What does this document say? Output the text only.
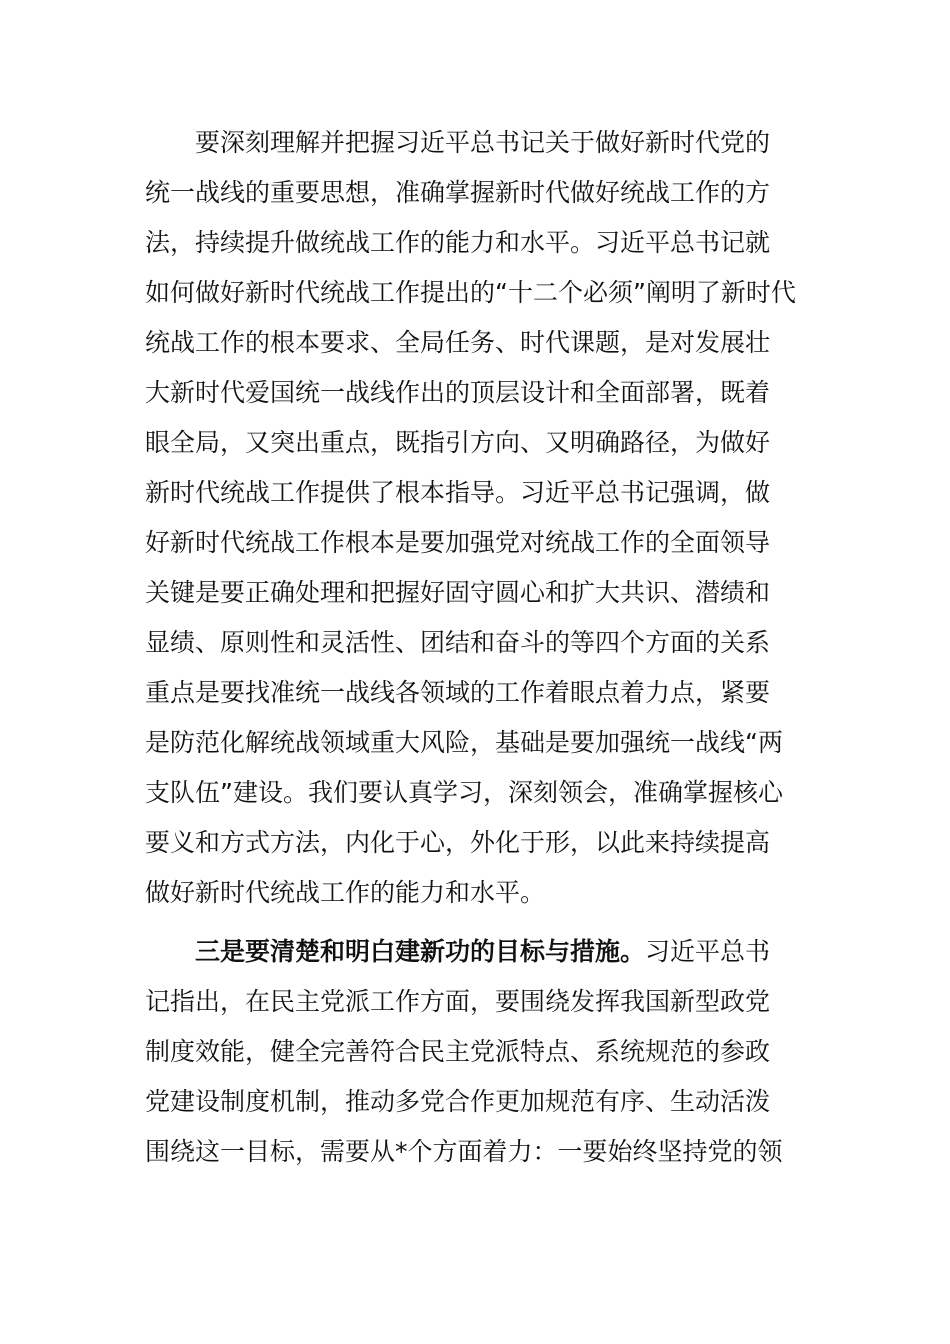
要深刻理解并把握习近平总书记关于做好新时代党的
统一战线的重要思想，准确掌握新时代做好统战工作的方
法，持续提升做统战工作的能力和水平。习近平总书记就
如何做好新时代统战工作提出的“十二个必须”阐明了新时代
统战工作的根本要求、全局任务、时代课题，是对发展壮
大新时代爱国统一战线作出的顶层设计和全面部署，既着
眼全局，又突出重点，既指引方向、又明确路径，为做好
新时代统战工作提供了根本指导。习近平总书记强调，做
好新时代统战工作根本是要加强党对统战工作的全面领导
关键是要正确处理和把握好固守圆心和扩大共识、潜绩和
显绩、原则性和灵活性、团结和奋斗的等四个方面的关系
重点是要找准统一战线各领域的工作着眼点着力点，紧要
是防范化解统战领域重大风险，基础是要加强统一战线“两
支队伍”建设。我们要认真学习，深刻领会，准确掌握核心
要义和方式方法，内化于心，外化于形，以此来持续提高
做好新时代统战工作的能力和水平。
三是要清楚和明白建新功的目标与措施。习近平总书
记指出，在民主党派工作方面，要围绕发挥我国新型政党
制度效能，健全完善符合民主党派特点、系统规范的参政
党建设制度机制，推动多党合作更加规范有序、生动活泼
围绕这一目标，需要从*个方面着力：一要始终坚持党的领
